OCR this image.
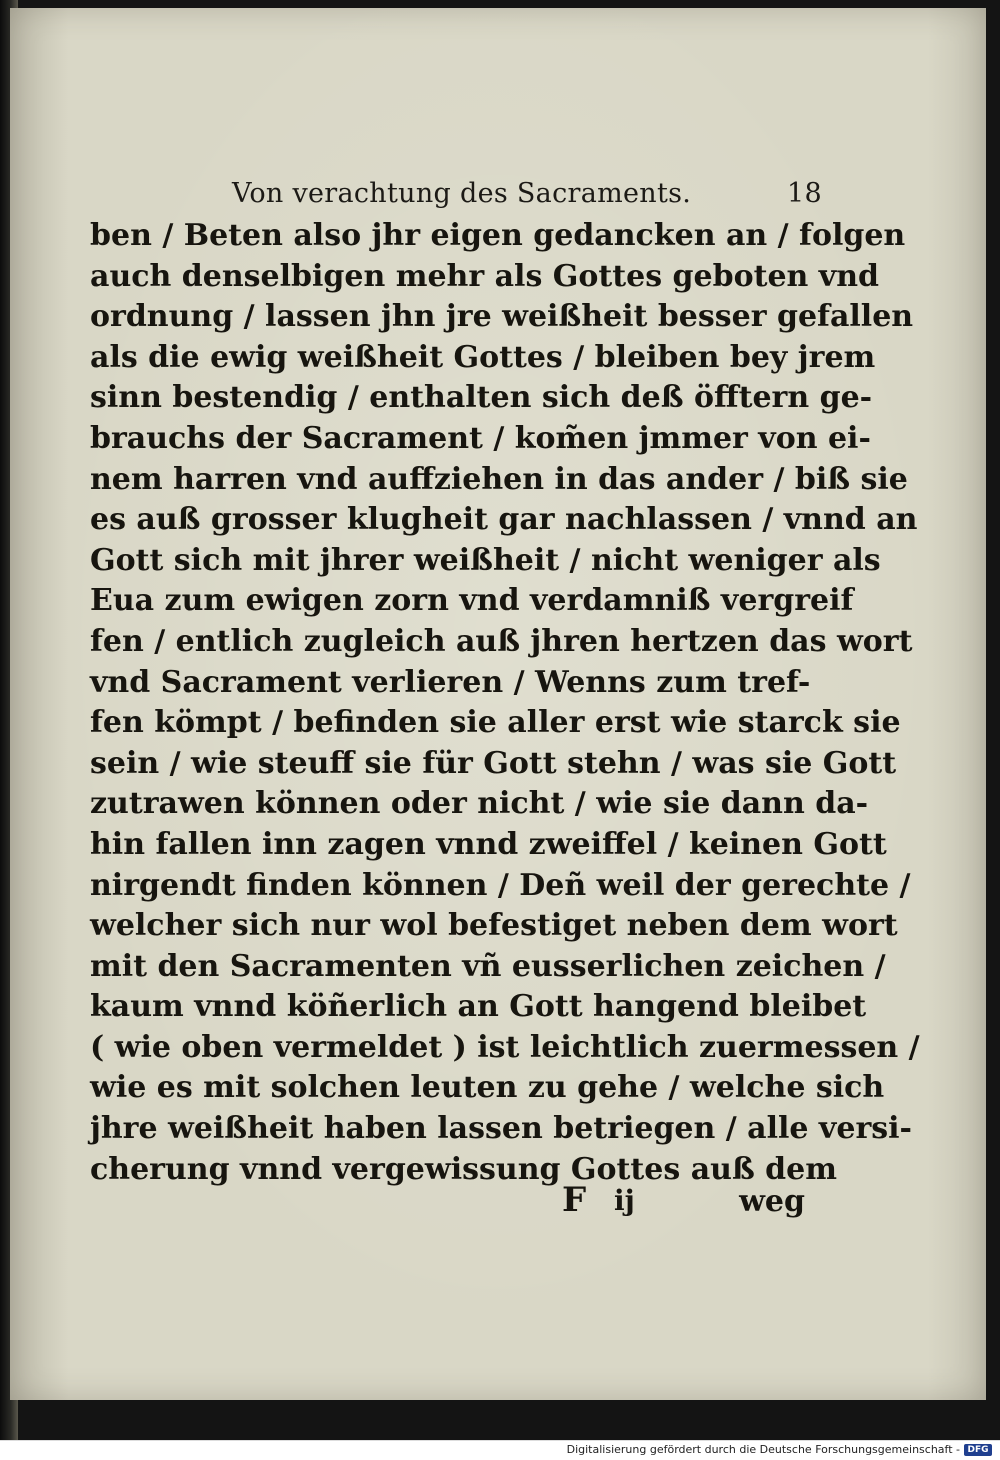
Von verachtung des Sacraments.	18
ben / Beten also jhr eigen gedancken an / folgen
auch denselbigen mehr als Gottes geboten vnd
ordnung / lassen jhn jre weißheit besser gefallen
als die ewig weißheit Gottes / bleiben bey jrem
sinn bestendig / enthalten sich deß öfftern ge-
brauchs der Sacrament / kom̃en jmmer von ei-
nem harren vnd auffziehen in das ander / biß sie
es auß grosser klugheit gar nachlassen / vnnd an
Gott sich mit jhrer weißheit / nicht weniger als
Eua zum ewigen zorn vnd verdamniß vergreif
fen / entlich zugleich auß jhren hertzen das wort
vnd Sacrament verlieren / Wenns zum tref-
fen kömpt / befinden sie aller erst wie starck sie
sein / wie steuff sie für Gott stehn / was sie Gott
zutrawen können oder nicht / wie sie dann da-
hin fallen inn zagen vnnd zweiffel / keinen Gott
nirgendt finden können / Deñ weil der gerechte /
welcher sich nur wol befestiget neben dem wort
mit den Sacramenten vñ eusserlichen zeichen /
kaum vnnd köñerlich an Gott hangend bleibet
( wie oben vermeldet ) ist leichtlich zuermessen /
wie es mit solchen leuten zu gehe / welche sich
jhre weißheit haben lassen betriegen / alle versi-
cherung vnnd vergewissung Gottes auß dem
F ij	weg
Digitalisierung gefördert durch die Deutsche Forschungsgemeinschaft - DFG
